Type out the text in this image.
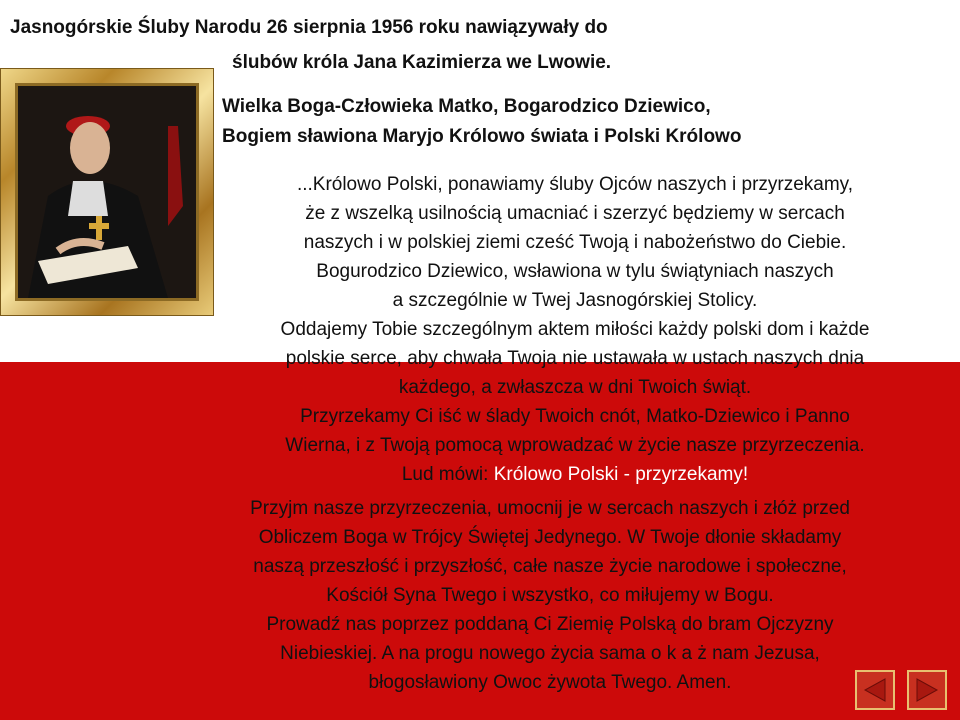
Jasnogórskie Śluby Narodu 26 sierpnia 1956 roku nawiązywały do
ślubów króla Jana Kazimierza we Lwowie.
Wielka Boga-Człowieka Matko, Bogarodzico Dziewico,
Bogiem sławiona Maryjo Królowo świata i Polski Królowo
...Królowo Polski, ponawiamy śluby Ojców naszych i przyrzekamy,
że z wszelką usilnością umacniać i szerzyć będziemy w sercach
naszych i w polskiej ziemi cześć Twoją i nabożeństwo do Ciebie.
Bogurodzico Dziewico, wsławiona w tylu świątyniach naszych
a szczególnie w Twej Jasnogórskiej Stolicy.
Oddajemy Tobie szczególnym aktem miłości każdy polski dom i każde
polskie serce, aby chwała Twoja nie ustawała w ustach naszych dnia
każdego, a zwłaszcza w dni Twoich świąt.
Przyrzekamy Ci iść w ślady Twoich cnót, Matko-Dziewico i Panno
Wierna, i z Twoją pomocą wprowadzać w życie nasze przyrzeczenia.
Lud mówi: Królowo Polski - przyrzekamy!
Przyjm nasze przyrzeczenia, umocnij je w sercach naszych i złóż przed
Obliczem Boga w Trójcy Świętej Jedynego. W Twoje dłonie składamy
naszą przeszłość i przyszłość, całe nasze życie narodowe i społeczne,
Kościół Syna Twego i wszystko, co miłujemy w Bogu.
Prowadź nas poprzez poddaną Ci Ziemię Polską do bram Ojczyzny
Niebieskiej. A na progu nowego życia sama o k a ż nam Jezusa,
błogosławiony Owoc żywota Twego. Amen.
